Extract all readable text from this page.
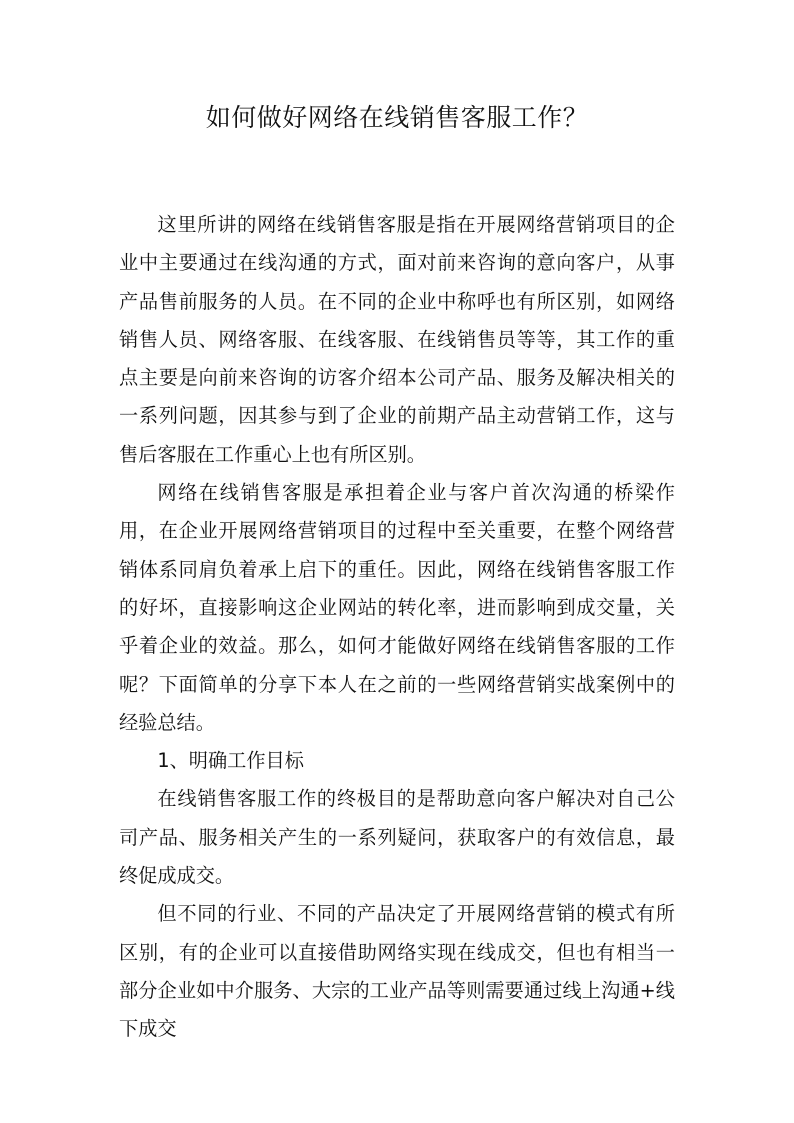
如何做好网络在线销售客服工作？

这里所讲的网络在线销售客服是指在开展网络营销项目的企业中主要通过在线沟通的方式，面对前来咨询的意向客户，从事产品售前服务的人员。在不同的企业中称呼也有所区别，如网络销售人员、网络客服、在线客服、在线销售员等等，其工作的重点主要是向前来咨询的访客介绍本公司产品、服务及解决相关的一系列问题，因其参与到了企业的前期产品主动营销工作，这与售后客服在工作重心上也有所区别。

网络在线销售客服是承担着企业与客户首次沟通的桥梁作用，在企业开展网络营销项目的过程中至关重要，在整个网络营销体系同肩负着承上启下的重任。因此，网络在线销售客服工作的好坏，直接影响这企业网站的转化率，进而影响到成交量，关乎着企业的效益。那么，如何才能做好网络在线销售客服的工作呢？下面简单的分享下本人在之前的一些网络营销实战案例中的经验总结。

1、明确工作目标

在线销售客服工作的终极目的是帮助意向客户解决对自己公司产品、服务相关产生的一系列疑问，获取客户的有效信息，最终促成成交。

但不同的行业、不同的产品决定了开展网络营销的模式有所区别，有的企业可以直接借助网络实现在线成交，但也有相当一部分企业如中介服务、大宗的工业产品等则需要通过线上沟通+线下成交
